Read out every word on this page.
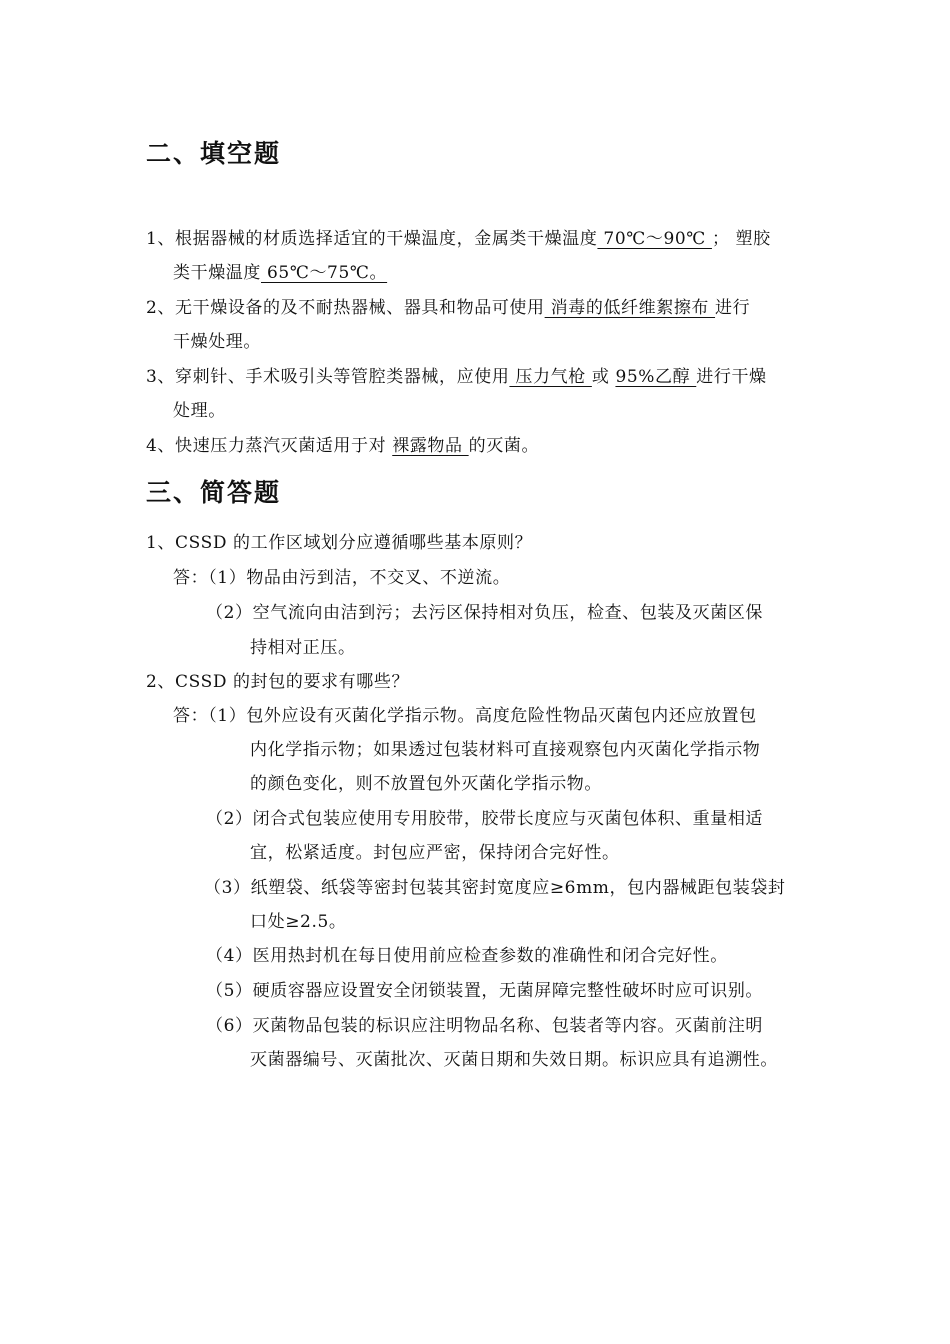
二、填空题
1、根据器械的材质选择适宜的干燥温度，金属类干燥温度 70℃～90℃ ； 塑胶
类干燥温度 65℃～75℃。
2、无干燥设备的及不耐热器械、器具和物品可使用 消毒的低纤维絮擦布 进行
干燥处理。
3、穿刺针、手术吸引头等管腔类器械，应使用 压力气枪 或 95%乙醇 进行干燥
处理。
4、快速压力蒸汽灭菌适用于对 裸露物品 的灭菌。
三、简答题
1、CSSD 的工作区域划分应遵循哪些基本原则？
答：（1）物品由污到洁，不交叉、不逆流。
（2）空气流向由洁到污；去污区保持相对负压，检查、包装及灭菌区保
持相对正压。
2、CSSD 的封包的要求有哪些？
答：（1）包外应设有灭菌化学指示物。高度危险性物品灭菌包内还应放置包
内化学指示物；如果透过包装材料可直接观察包内灭菌化学指示物
的颜色变化，则不放置包外灭菌化学指示物。
（2）闭合式包装应使用专用胶带，胶带长度应与灭菌包体积、重量相适
宜，松紧适度。封包应严密，保持闭合完好性。
（3）纸塑袋、纸袋等密封包装其密封宽度应≥6mm，包内器械距包装袋封
口处≥2.5。
（4）医用热封机在每日使用前应检查参数的准确性和闭合完好性。
（5）硬质容器应设置安全闭锁装置，无菌屏障完整性破坏时应可识别。
（6）灭菌物品包装的标识应注明物品名称、包装者等内容。灭菌前注明
灭菌器编号、灭菌批次、灭菌日期和失效日期。标识应具有追溯性。
